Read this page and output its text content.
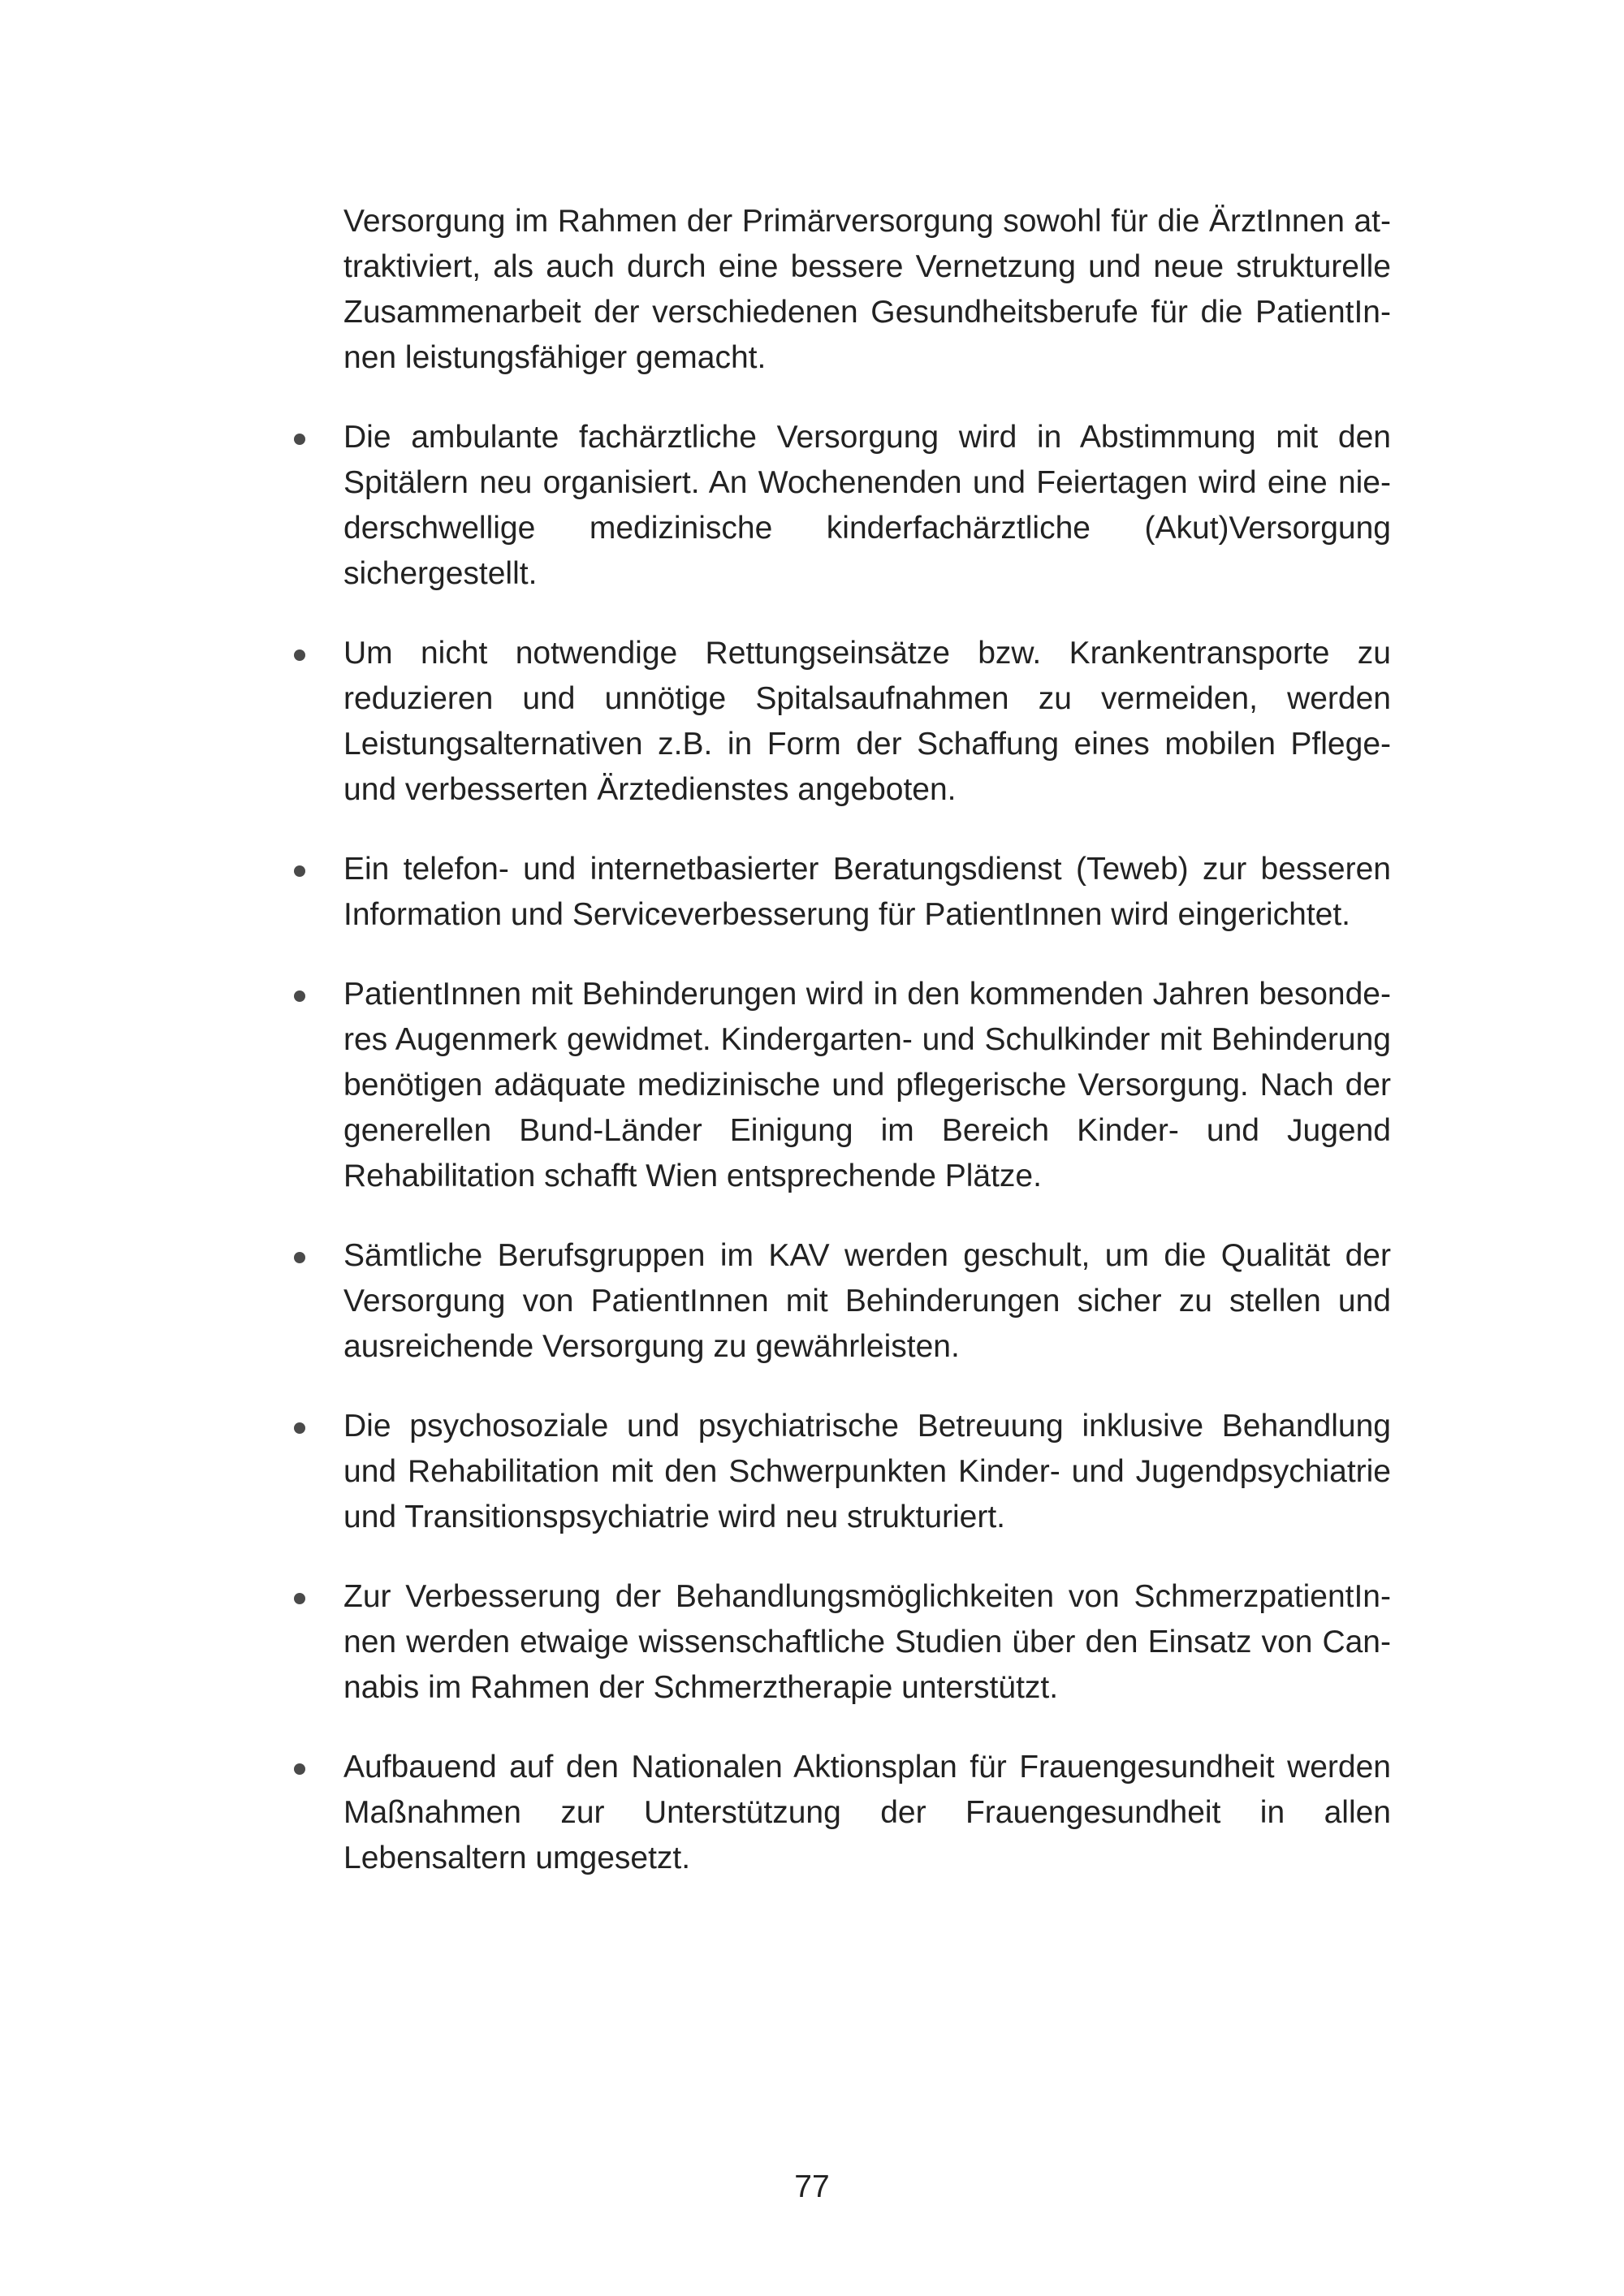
Versorgung im Rahmen der Primärversorgung sowohl für die ÄrztInnen attraktiviert, als auch durch eine bessere Vernetzung und neue strukturelle Zusammenarbeit der verschiedenen Gesundheitsberufe für die PatientInnen leistungsfähiger gemacht.

Die ambulante fachärztliche Versorgung wird in Abstimmung mit den Spitälern neu organisiert. An Wochenenden und Feiertagen wird eine niederschwellige medizinische kinderfachärztliche (Akut)Versorgung sichergestellt.

Um nicht notwendige Rettungseinsätze bzw. Krankentransporte zu reduzieren und unnötige Spitalsaufnahmen zu vermeiden, werden Leistungsalternativen z.B. in Form der Schaffung eines mobilen Pflege- und verbesserten Ärztedienstes angeboten.

Ein telefon- und internetbasierter Beratungsdienst (Teweb) zur besseren Information und Serviceverbesserung für PatientInnen wird eingerichtet.

PatientInnen mit Behinderungen wird in den kommenden Jahren besonderes Augenmerk gewidmet. Kindergarten- und Schulkinder mit Behinderung benötigen adäquate medizinische und pflegerische Versorgung. Nach der generellen Bund-Länder Einigung im Bereich Kinder- und Jugend Rehabilitation schafft Wien entsprechende Plätze.

Sämtliche Berufsgruppen im KAV werden geschult, um die Qualität der Versorgung von PatientInnen mit Behinderungen sicher zu stellen und ausreichende Versorgung zu gewährleisten.

Die psychosoziale und psychiatrische Betreuung inklusive Behandlung und Rehabilitation mit den Schwerpunkten Kinder- und Jugendpsychiatrie und Transitionspsychiatrie wird neu strukturiert.

Zur Verbesserung der Behandlungsmöglichkeiten von SchmerzpatientInnen werden etwaige wissenschaftliche Studien über den Einsatz von Cannabis im Rahmen der Schmerztherapie unterstützt.

Aufbauend auf den Nationalen Aktionsplan für Frauengesundheit werden Maßnahmen zur Unterstützung der Frauengesundheit in allen Lebensaltern umgesetzt.

77
